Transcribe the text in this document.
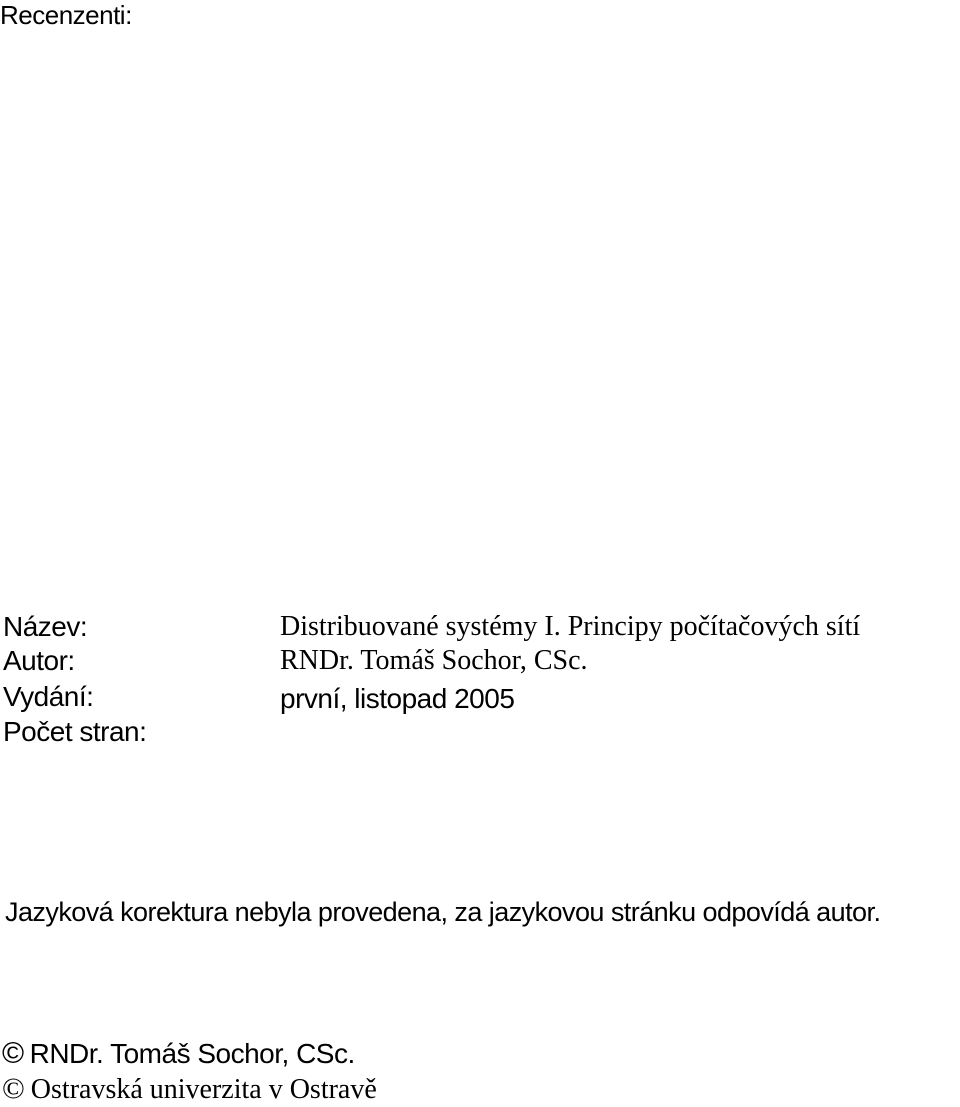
Recenzenti:
Název:	Distribuované systémy I. Principy počítačových sítí
Autor:	RNDr. Tomáš Sochor, CSc.
Vydání:	první, listopad 2005
Počet stran:
Jazyková korektura nebyla provedena, za jazykovou stránku odpovídá autor.
© RNDr. Tomáš Sochor, CSc.
© Ostravská univerzita v Ostravě
